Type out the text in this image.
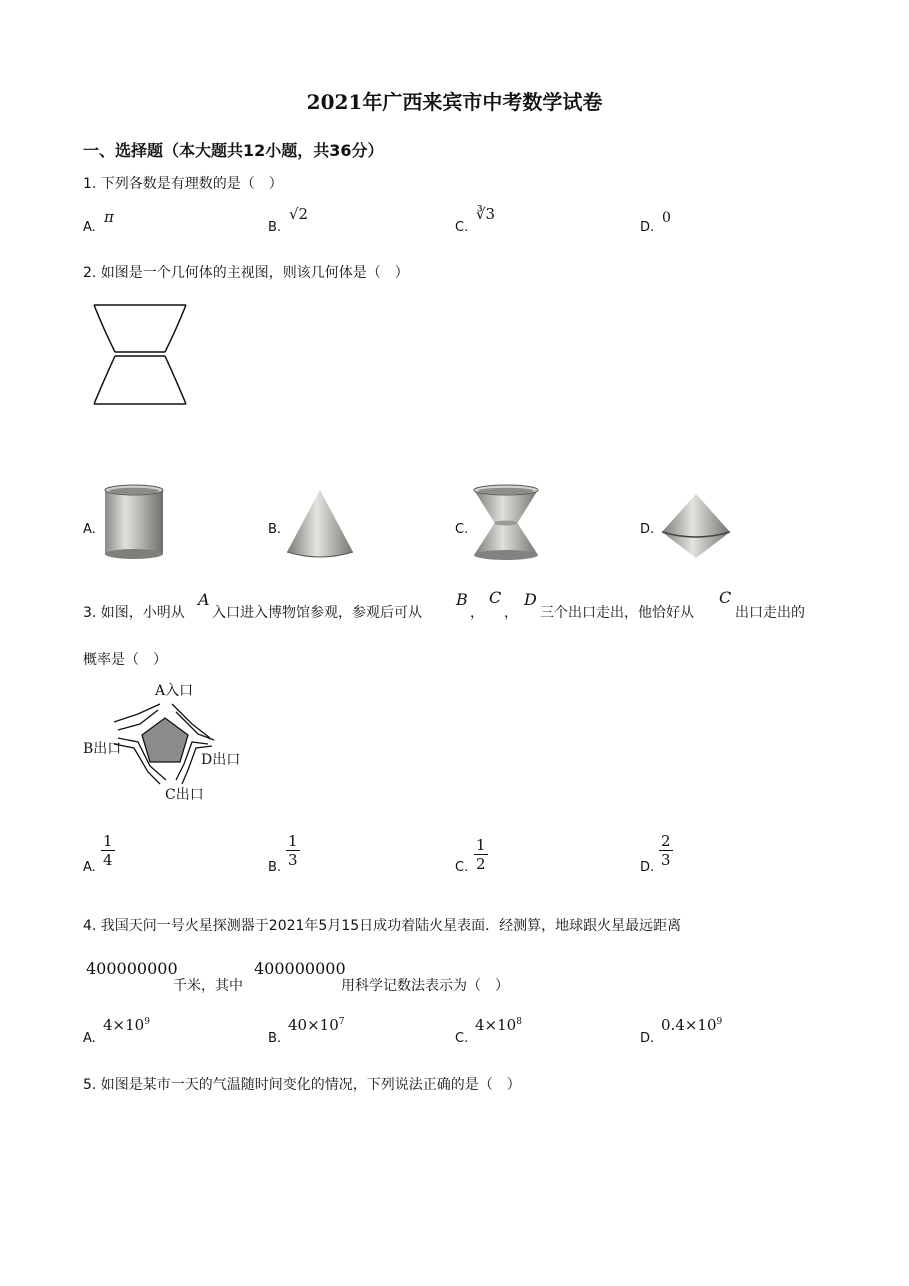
2021年广西来宾市中考数学试卷
一、选择题（本大题共12小题，共36分）
1. 下列各数是有理数的是（　）
A.
π
B.
√2
C.
∛3
D.
0
2. 如图是一个几何体的主视图，则该几何体是（　）
A.	B.	C.	D.
3. 如图，小明从
A
入口进入博物馆参观，参观后可从
B
，
C
，
D
三个出口走出，他恰好从
C
出口走出的
概率是（　）
A入口
B出口
D出口
C出口
A. $\frac{1}{4}$	B. $\frac{1}{3}$	C. $\frac{1}{2}$	D. $\frac{2}{3}$
4. 我国天问一号火星探测器于2021年5月15日成功着陆火星表面．经测算，地球跟火星最远距离
400000000
千米，其中
400000000
用科学记数法表示为（　）
A.
$4\times 10^9$
B.
$40\times 10^7$
C.
$4\times 10^8$
D.
$0.4\times 10^9$
5. 如图是某市一天的气温随时间变化的情况，下列说法正确的是（　）
